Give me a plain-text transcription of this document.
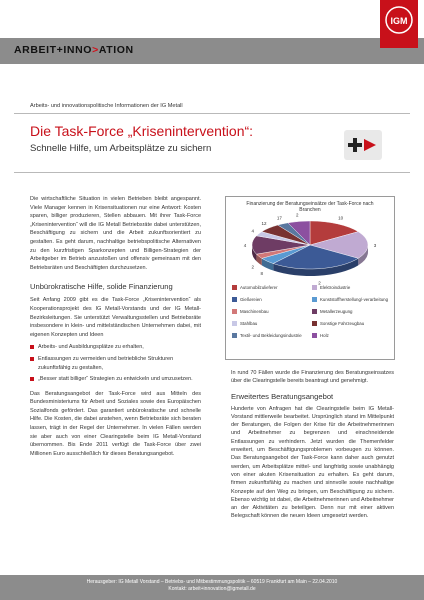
ARBEIT+INNO>ATION
IGM
Arbeits- und innovationspolitische Informationen der IG Metall
Die Task-Force „Krisenintervention“:
Schnelle Hilfe, um Arbeitsplätze zu sichern

Die wirtschaftliche Situation in vielen Betrieben bleibt angespannt. Viele Manager kennen in Krisensituationen nur eine Antwort: Kosten sparen, billiger produzieren, Stellen abbauen. Mit ihrer Task-Force „Krisenintervention“ will die IG Metall Betriebsräte dabei unterstützen, Beschäftigung zu sichern und die Arbeit zukunftsorientiert zu gestalten. Es geht darum, nachhaltige betriebspolitische Alternativen zu den kurzfristigen Sparkonzepten und Billigen-Strategien der Arbeitgeber im Betrieb anzustoßen und offensiv gemeinsam mit den Betriebsräten und Beschäftigten durchzusetzen.

Unbürokratische Hilfe, solide Finanzierung

Seit Anfang 2009 gibt es die Task-Force „Krisenintervention“ als Kooperationsprojekt des IG Metall-Vorstands und der IG Metall-Bezirksleitungen. Sie unterstützt Verwaltungsstellen und Betriebsräte insbesondere in klein- und mittelständischen Unternehmen dabei, mit eigenen Konzepten und Ideen

Arbeits- und Ausbildungsplätze zu erhalten,
Entlassungen zu vermeiden und betriebliche Strukturen zukunftsfähig zu gestalten,
„Besser statt billiger“ Strategien zu entwickeln und umzusetzen.

Das Beratungsangebot der Task-Force wird aus Mitteln des Bundesministeriums für Arbeit und Soziales sowie des Europäischen Sozialfonds gefördert. Das garantiert unbürokratische und schnelle Hilfe. Die Kosten, die dabei anstehen, wenn Betriebsräte sich beraten lassen, trägt in der Regel der Unternehmer. In vielen Fällen werden sie aber auch von einer Clearingstelle beim IG Metall-Vorstand übernommen. Bis Ende 2011 verfügt die Task-Force über zwei Millionen Euro ausschließlich für dieses Beratungsangebot.

Finanzierung der Beratungseinsätze der Task-Force nach Branchen
10
3
2
8
2
4
4
12
17
2
Automobilzulieferer	Elektroindustrie
Gießereien	Kunststoffherstellung/-verarbeitung
Maschinenbau	Metallerzeugung
Stahlbau	Sonstige Fahrzeugbau
Textil- und Bekleidungsindustrie	Holz

In rund 70 Fällen wurde die Finanzierung des Beratungseinsatzes über die Clearingstelle bereits beantragt und genehmigt.

Erweitertes Beratungsangebot

Hunderte von Anfragen hat die Clearingstelle beim IG Metall-Vorstand mittlerweile bearbeitet. Ursprünglich stand im Mittelpunkt der Beratungen, die Folgen der Krise für die Arbeitnehmerinnen und Arbeitnehmer zu begrenzen und einschneidende Entlassungen zu verhindern. Jetzt wurden die Themenfelder erweitert, um Beschäftigungsproblemen vorbeugen zu können. Das Beratungsangebot der Task-Force kann daher auch genutzt werden, um Arbeitsplätze mittel- und langfristig sowie unabhängig von einer akuten Krisensituation zu erhalten. Es geht darum, firmen zukunftsfähig zu machen und sinnvolle sowie nachhaltige Konzepte auf den Weg zu bringen, um Beschäftigung zu sichern. Ebenso wichtig ist dabei, die Arbeitnehmerinnen und Arbeitnehmer an der Aktivitäten zu beteiligen. Denn nur mit einer aktiven Belegschaft können die neuen Ideen umgesetzt werden.

Herausgeber: IG Metall Vorstand – Betriebs- und Mitbestimmungspolitik – 60519 Frankfurt am Main – 22.04.2010
Kontakt: arbeit+innovation@igmetall.de
